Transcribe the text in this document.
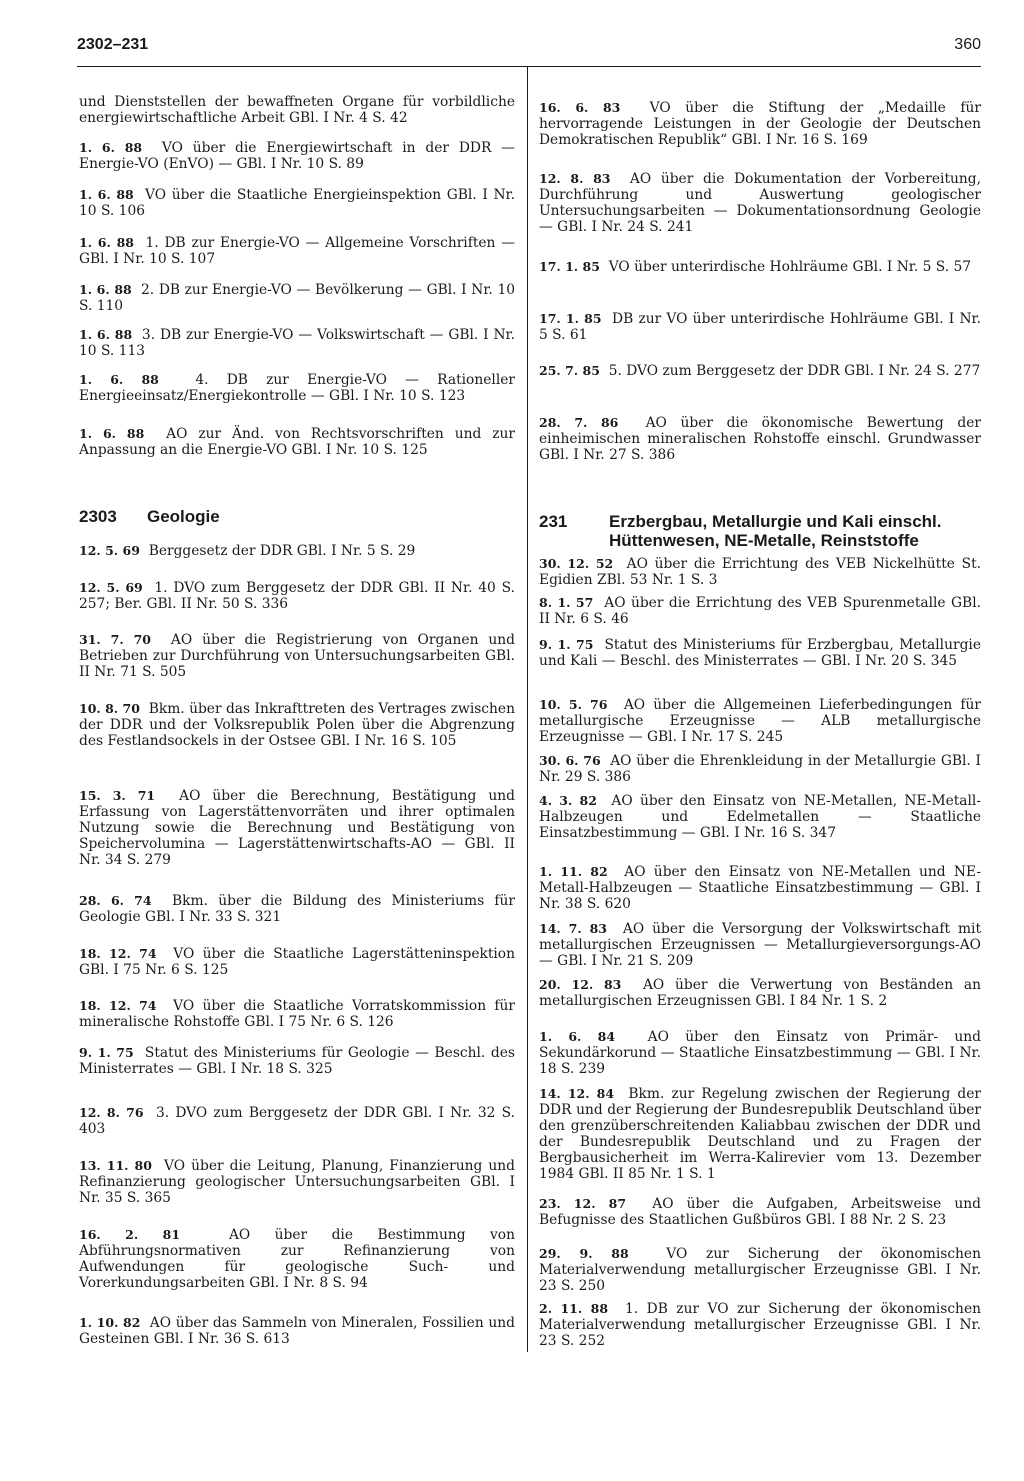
2302–231	360
und Dienststellen der bewaffneten Organe für vorbildliche energiewirtschaftliche Arbeit GBl. I Nr. 4 S. 42
1. 6. 88 VO über die Energiewirtschaft in der DDR — Energie-VO (EnVO) — GBl. I Nr. 10 S. 89
1. 6. 88 VO über die Staatliche Energieinspektion GBl. I Nr. 10 S. 106
1. 6. 88 1. DB zur Energie-VO — Allgemeine Vorschriften — GBl. I Nr. 10 S. 107
1. 6. 88 2. DB zur Energie-VO — Bevölkerung — GBl. I Nr. 10 S. 110
1. 6. 88 3. DB zur Energie-VO — Volkswirtschaft — GBl. I Nr. 10 S. 113
1. 6. 88	4. DB zur Energie-VO — Rationeller Energieeinsatz/Energiekontrolle — GBl. I Nr. 10 S. 123
1. 6. 88 AO zur Änd. von Rechtsvorschriften und zur Anpassung an die Energie-VO GBl. I Nr. 10 S. 125
2303 Geologie
12. 5. 69 Berggesetz der DDR GBl. I Nr. 5 S. 29
12. 5. 69 1. DVO zum Berggesetz der DDR GBl. II Nr. 40 S. 257; Ber. GBl. II Nr. 50 S. 336
31. 7. 70 AO über die Registrierung von Organen und Betrieben zur Durchführung von Untersuchungsarbeiten GBl. II Nr. 71 S. 505
10. 8. 70 Bkm. über das Inkrafttreten des Vertrages zwischen der DDR und der Volksrepublik Polen über die Abgrenzung des Festlandsockels in der Ostsee GBl. I Nr. 16 S. 105
15. 3. 71 AO über die Berechnung, Bestätigung und Erfassung von Lagerstättenvorräten und ihrer optimalen Nutzung sowie die Berechnung und Bestätigung von Speichervolumina — Lagerstättenwirtschafts-AO — GBl. II Nr. 34 S. 279
28. 6. 74 Bkm. über die Bildung des Ministeriums für Geologie GBl. I Nr. 33 S. 321
18. 12. 74 VO über die Staatliche Lagerstätteninspektion GBl. I 75 Nr. 6 S. 125
18. 12. 74 VO über die Staatliche Vorratskommission für mineralische Rohstoffe GBl. I 75 Nr. 6 S. 126
9. 1. 75 Statut des Ministeriums für Geologie — Beschl. des Ministerrates — GBl. I Nr. 18 S. 325
12. 8. 76 3. DVO zum Berggesetz der DDR GBl. I Nr. 32 S. 403
13. 11. 80 VO über die Leitung, Planung, Finanzierung und Refinanzierung geologischer Untersuchungsarbeiten GBl. I Nr. 35 S. 365
16. 2. 81	AO über die Bestimmung von Abführungsnormativen zur Refinanzierung von Aufwendungen für geologische Such- und Vorerkundungsarbeiten GBl. I Nr. 8 S. 94
1. 10. 82 AO über das Sammeln von Mineralen, Fossilien und Gesteinen GBl. I Nr. 36 S. 613
16. 6. 83 VO über die Stiftung der „Medaille für hervorragende Leistungen in der Geologie der Deutschen Demokratischen Republik“ GBl. I Nr. 16 S. 169
12. 8. 83 AO über die Dokumentation der Vorbereitung, Durchführung und Auswertung geologischer Untersuchungsarbeiten — Dokumentationsordnung Geologie — GBl. I Nr. 24 S. 241
17. 1. 85 VO über unterirdische Hohlräume GBl. I Nr. 5 S. 57
17. 1. 85 DB zur VO über unterirdische Hohlräume GBl. I Nr. 5 S. 61
25. 7. 85 5. DVO zum Berggesetz der DDR GBl. I Nr. 24 S. 277
28. 7. 86 AO über die ökonomische Bewertung der einheimischen mineralischen Rohstoffe einschl. Grundwasser GBl. I Nr. 27 S. 386
231 Erzbergbau, Metallurgie und Kali einschl. Hüttenwesen, NE-Metalle, Reinststoffe
30. 12. 52 AO über die Errichtung des VEB Nickelhütte St. Egidien ZBl. 53 Nr. 1 S. 3
8. 1. 57 AO über die Errichtung des VEB Spurenmetalle GBl. II Nr. 6 S. 46
9. 1. 75 Statut des Ministeriums für Erzbergbau, Metallurgie und Kali — Beschl. des Ministerrates — GBl. I Nr. 20 S. 345
10. 5. 76 AO über die Allgemeinen Lieferbedingungen für metallurgische Erzeugnisse — ALB metallurgische Erzeugnisse — GBl. I Nr. 17 S. 245
30. 6. 76 AO über die Ehrenkleidung in der Metallurgie GBl. I Nr. 29 S. 386
4. 3. 82 AO über den Einsatz von NE-Metallen, NE-Metall-Halbzeugen und Edelmetallen — Staatliche Einsatzbestimmung — GBl. I Nr. 16 S. 347
1. 11. 82 AO über den Einsatz von NE-Metallen und NE-Metall-Halbzeugen — Staatliche Einsatzbestimmung — GBl. I Nr. 38 S. 620
14. 7. 83 AO über die Versorgung der Volkswirtschaft mit metallurgischen Erzeugnissen — Metallurgieversorgungs-AO — GBl. I Nr. 21 S. 209
20. 12. 83 AO über die Verwertung von Beständen an metallurgischen Erzeugnissen GBl. I 84 Nr. 1 S. 2
1. 6. 84 AO über den Einsatz von Primär- und Sekundärkorund — Staatliche Einsatzbestimmung — GBl. I Nr. 18 S. 239
14. 12. 84 Bkm. zur Regelung zwischen der Regierung der DDR und der Regierung der Bundesrepublik Deutschland über den grenzüberschreitenden Kaliabbau zwischen der DDR und der Bundesrepublik Deutschland und zu Fragen der Bergbausicherheit im Werra-Kalirevier vom 13. Dezember 1984 GBl. II 85 Nr. 1 S. 1
23. 12. 87 AO über die Aufgaben, Arbeitsweise und Befugnisse des Staatlichen Gußbüros GBl. I 88 Nr. 2 S. 23
29. 9. 88	VO zur Sicherung der ökonomischen Materialverwendung metallurgischer Erzeugnisse GBl. I Nr. 23 S. 250
2. 11. 88 1. DB zur VO zur Sicherung der ökonomischen Materialverwendung metallurgischer Erzeugnisse GBl. I Nr. 23 S. 252
